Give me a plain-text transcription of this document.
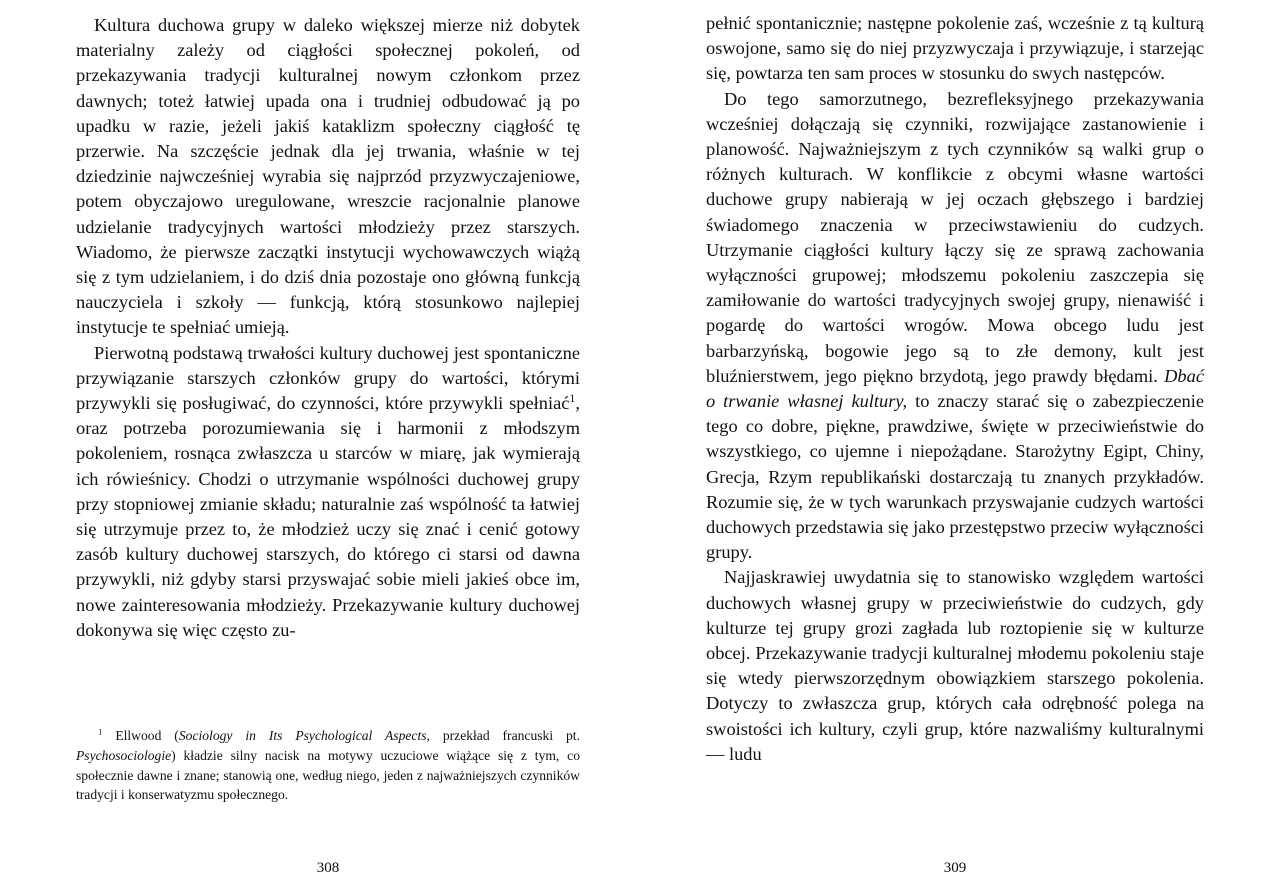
Kultura duchowa grupy w daleko większej mierze niż dobytek materialny zależy od ciągłości społecznej pokoleń, od przekazywania tradycji kulturalnej nowym członkom przez dawnych; toteż łatwiej upada ona i trudniej odbudować ją po upadku w razie, jeżeli jakiś kataklizm społeczny ciągłość tę przerwie. Na szczęście jednak dla jej trwania, właśnie w tej dziedzinie najwcześniej wyrabia się najprzód przyzwyczajeniowe, potem obyczajowo uregulowane, wreszcie racjonalnie planowe udzielanie tradycyjnych wartości młodzieży przez starszych. Wiadomo, że pierwsze zaczątki instytucji wychowawczych wiążą się z tym udzielaniem, i do dziś dnia pozostaje ono główną funkcją nauczyciela i szkoły — funkcją, którą stosunkowo najlepiej instytucje te spełniać umieją.

Pierwotną podstawą trwałości kultury duchowej jest spontaniczne przywiązanie starszych członków grupy do wartości, którymi przywykli się posługiwać, do czynności, które przywykli spełniać$^1$, oraz potrzeba porozumiewania się i harmonii z młodszym pokoleniem, rosnąca zwłaszcza u starców w miarę, jak wymierają ich rówieśnicy. Chodzi o utrzymanie wspólności duchowej grupy przy stopniowej zmianie składu; naturalnie zaś wspólność ta łatwiej się utrzymuje przez to, że młodzież uczy się znać i cenić gotowy zasób kultury duchowej starszych, do którego ci starsi od dawna przywykli, niż gdyby starsi przyswajać sobie mieli jakieś obce im, nowe zainteresowania młodzieży. Przekazywanie kultury duchowej dokonywa się więc często zu-

$^1$ Ellwood (Sociology in Its Psychological Aspects, przekład francuski pt. Psychosociologie) kładzie silny nacisk na motywy uczuciowe wiążące się z tym, co społecznie dawne i znane; stanowią one, według niego, jeden z najważniejszych czynników tradycji i konserwatyzmu społecznego.
308

pełnić spontanicznie; następne pokolenie zaś, wcześnie z tą kulturą oswojone, samo się do niej przyzwyczaja i przywiązuje, i starzejąc się, powtarza ten sam proces w stosunku do swych następców.

Do tego samorzutnego, bezrefleksyjnego przekazywania wcześniej dołączają się czynniki, rozwijające zastanowienie i planowość. Najważniejszym z tych czynników są walki grup o różnych kulturach. W konflikcie z obcymi własne wartości duchowe grupy nabierają w jej oczach głębszego i bardziej świadomego znaczenia w przeciwstawieniu do cudzych. Utrzymanie ciągłości kultury łączy się ze sprawą zachowania wyłączności grupowej; młodszemu pokoleniu zaszczepia się zamiłowanie do wartości tradycyjnych swojej grupy, nienawiść i pogardę do wartości wrogów. Mowa obcego ludu jest barbarzyńską, bogowie jego są to złe demony, kult jest bluźnierstwem, jego piękno brzydotą, jego prawdy błędami. Dbać o trwanie własnej kultury, to znaczy starać się o zabezpieczenie tego co dobre, piękne, prawdziwe, święte w przeciwieństwie do wszystkiego, co ujemne i niepożądane. Starożytny Egipt, Chiny, Grecja, Rzym republikański dostarczają tu znanych przykładów. Rozumie się, że w tych warunkach przyswajanie cudzych wartości duchowych przedstawia się jako przestępstwo przeciw wyłączności grupy.

Najjaskrawiej uwydatnia się to stanowisko względem wartości duchowych własnej grupy w przeciwieństwie do cudzych, gdy kulturze tej grupy grozi zagłada lub roztopienie się w kulturze obcej. Przekazywanie tradycji kulturalnej młodemu pokoleniu staje się wtedy pierwszorzędnym obowiązkiem starszego pokolenia. Dotyczy to zwłaszcza grup, których cała odrębność polega na swoistości ich kultury, czyli grup, które nazwaliśmy kulturalnymi — ludu

309
